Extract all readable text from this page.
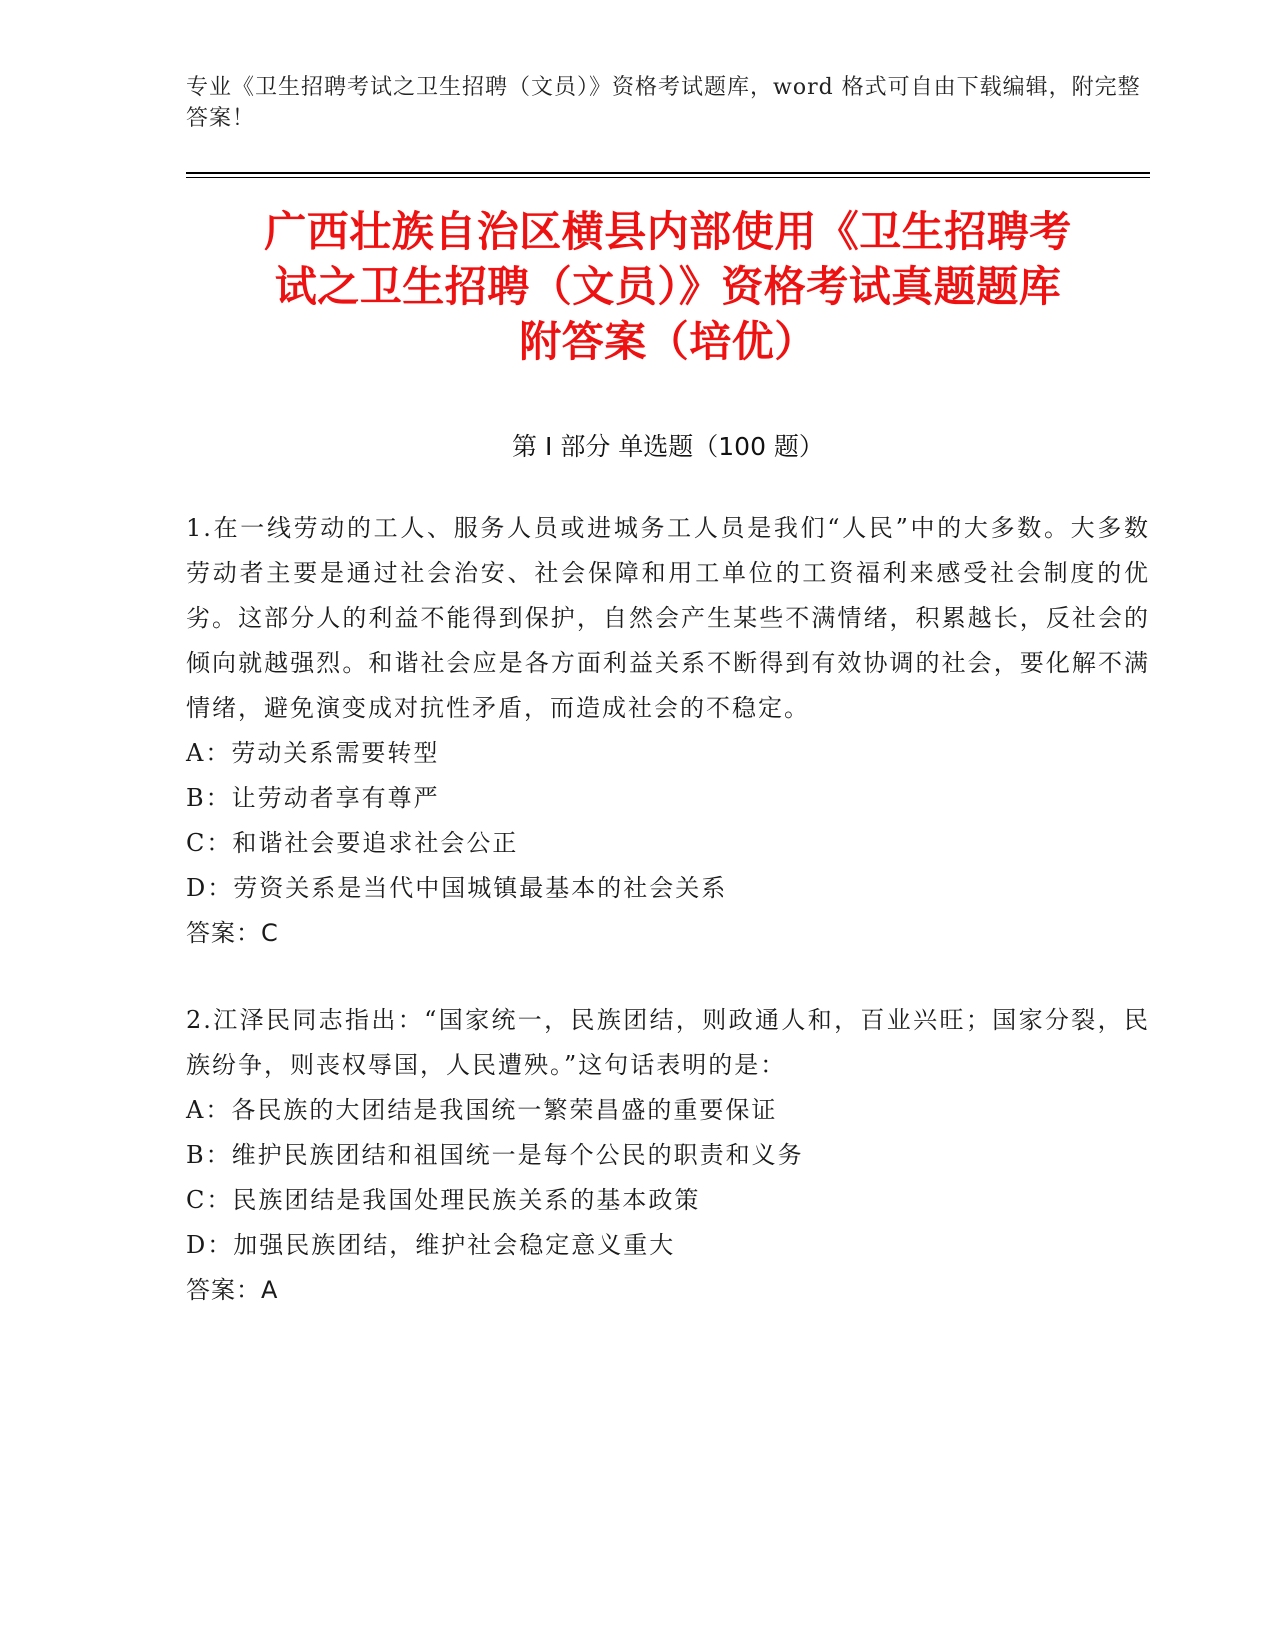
专业《卫生招聘考试之卫生招聘（文员）》资格考试题库，word 格式可自由下载编辑，附完整答案！
广西壮族自治区横县内部使用《卫生招聘考
试之卫生招聘（文员）》资格考试真题题库
附答案（培优）
第 I 部分 单选题（100 题）
1.在一线劳动的工人、服务人员或进城务工人员是我们“人民”中的大多数。大多数劳动者主要是通过社会治安、社会保障和用工单位的工资福利来感受社会制度的优劣。这部分人的利益不能得到保护，自然会产生某些不满情绪，积累越长，反社会的倾向就越强烈。和谐社会应是各方面利益关系不断得到有效协调的社会，要化解不满情绪，避免演变成对抗性矛盾，而造成社会的不稳定。
A：劳动关系需要转型
B：让劳动者享有尊严
C：和谐社会要追求社会公正
D：劳资关系是当代中国城镇最基本的社会关系
答案：C
2.江泽民同志指出：“国家统一，民族团结，则政通人和，百业兴旺；国家分裂，民族纷争，则丧权辱国，人民遭殃。”这句话表明的是：
A：各民族的大团结是我国统一繁荣昌盛的重要保证
B：维护民族团结和祖国统一是每个公民的职责和义务
C：民族团结是我国处理民族关系的基本政策
D：加强民族团结，维护社会稳定意义重大
答案：A
